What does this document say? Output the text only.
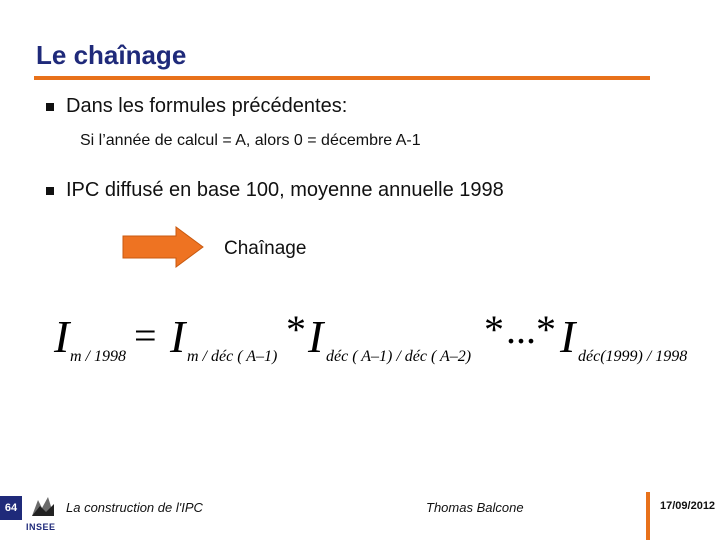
Le chaînage
Dans les formules précédentes:
Si l’année de calcul = A, alors 0 = décembre A-1
IPC diffusé en base 100, moyenne annuelle 1998
Chaînage
I m / 1998 = I m / déc ( A–1)
* I déc ( A–1) / déc ( A–2)
* ... * I déc(1999) / 1998
64
INSEE
La construction de l'IPC	Thomas Balcone	17/09/2012
